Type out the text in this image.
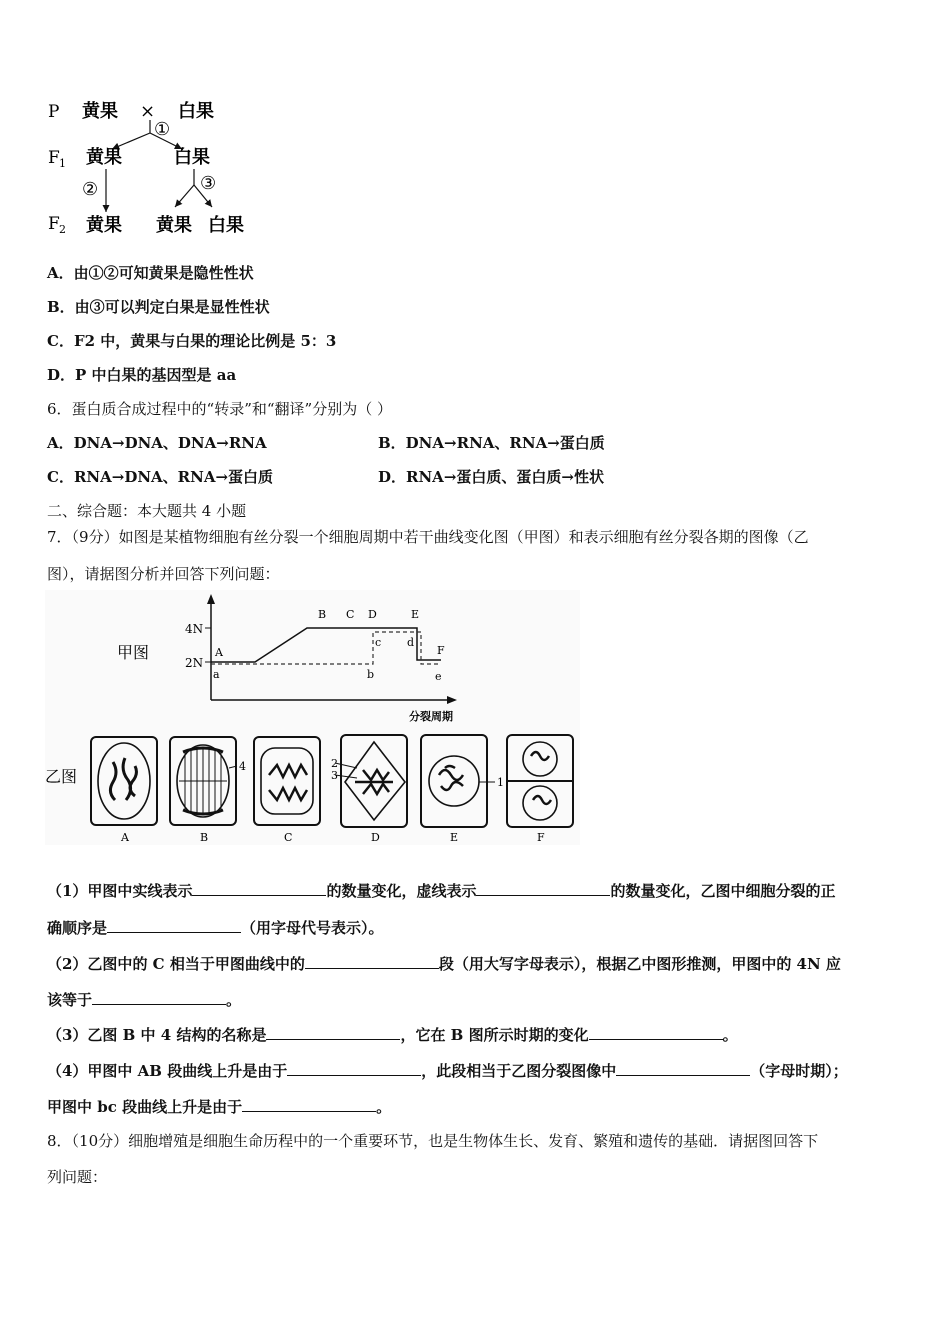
P 黄果 × 白果
①
F 1 黄果	白果
②	③
F 2 黄果 黄果 白果
A．由①②可知黄果是隐性性状
B．由③可以判定白果是显性性状
C．F2 中，黄果与白果的理论比例是 5：3
D．P 中白果的基因型是 aa
6．蛋白质合成过程中的“转录”和“翻译”分别为（ ）
A．DNA→DNA、DNA→RNA	B．DNA→RNA、RNA→蛋白质
C．RNA→DNA、RNA→蛋白质	D．RNA→蛋白质、蛋白质→性状
二、综合题：本大题共 4 小题
7．（9分）如图是某植物细胞有丝分裂一个细胞周期中若干曲线变化图（甲图）和表示细胞有丝分裂各期的图像（乙
图），请据图分析并回答下列问题：
甲图
4N
2N
A
a
B C D	E
b
c d
e
F
分裂周期
乙图
4	2
3
1
A	B	C	D	E	F
（1）甲图中实线表示	的数量变化，虚线表示	的数量变化，乙图中细胞分裂的正
确顺序是	（用字母代号表示）。
（2）乙图中的 C 相当于甲图曲线中的	段（用大写字母表示），根据乙中图形推测，甲图中的 4N 应
该等于	。
（3）乙图 B 中 4 结构的名称是	，它在 B 图所示时期的变化	。
（4）甲图中 AB 段曲线上升是由于	，此段相当于乙图分裂图像中	（字母时期）；
甲图中 bc 段曲线上升是由于	。
8．（10分）细胞增殖是细胞生命历程中的一个重要环节，也是生物体生长、发育、繁殖和遗传的基础．请据图回答下
列问题：
